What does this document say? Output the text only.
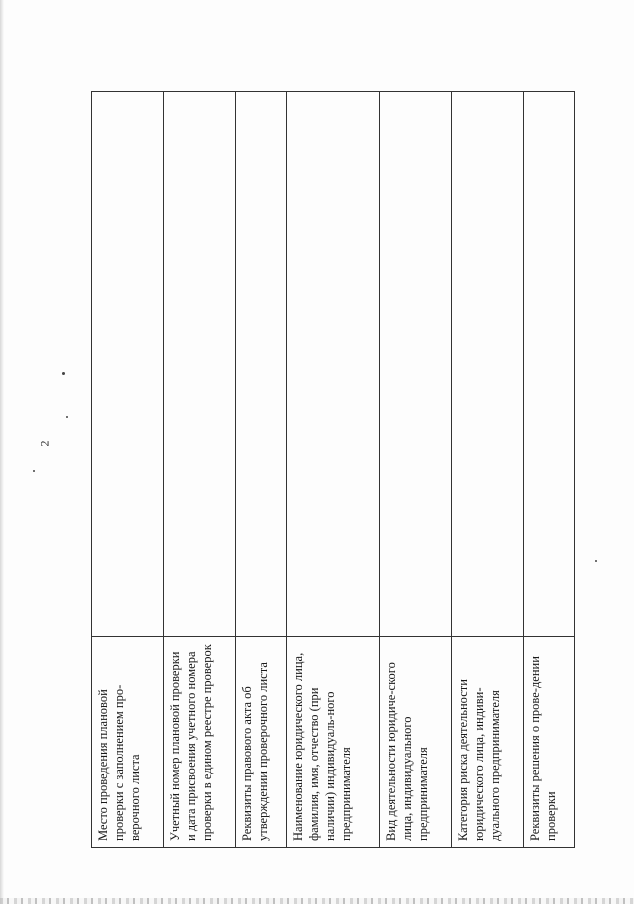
2
Место проведения плановой проверки с заполнением про-верочного листа	
Учетный номер плановой проверки и дата присвоения учетного номера проверки в едином реестре проверок	
Реквизиты правового акта об утверждении проверочного листа	
Наименование юридического лица, фамилия, имя, отчество (при наличии) индивидуаль-ного предпринимателя	
Вид деятельности юридиче-ского лица, индивидуального предпринимателя	
Категория риска деятельности юридического лица, индиви-дуального предпринимателя	
Реквизиты решения о прове-дении проверки	
